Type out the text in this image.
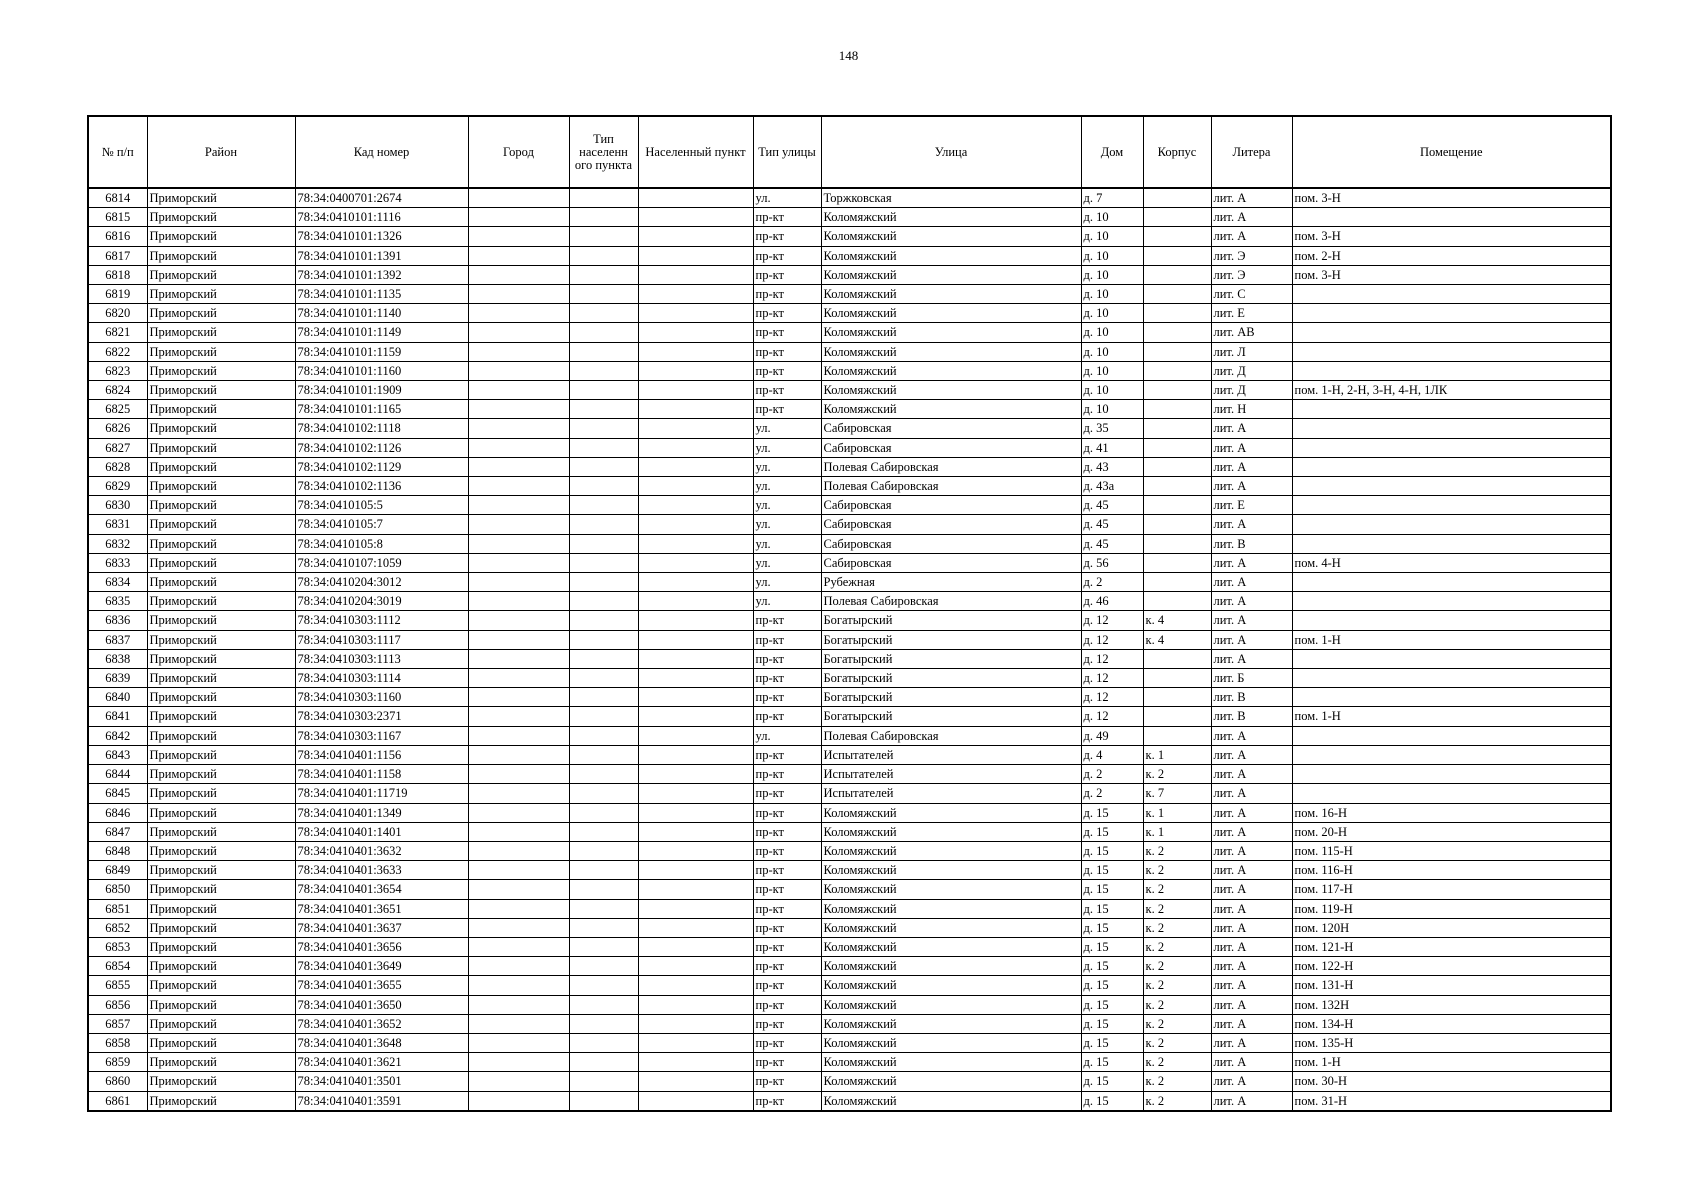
148
№ п/п	Район	Кад номер	Город	Тип населенн ого пункта	Населенный пункт	Тип улицы	Улица	Дом	Корпус	Литера	Помещение
6814	Приморский	78:34:0400701:2674				ул.	Торжковская	д. 7		лит. А	пом. 3-Н
6815	Приморский	78:34:0410101:1116				пр-кт	Коломяжский	д. 10		лит. А	
6816	Приморский	78:34:0410101:1326				пр-кт	Коломяжский	д. 10		лит. А	пом. 3-Н
6817	Приморский	78:34:0410101:1391				пр-кт	Коломяжский	д. 10		лит. Э	пом. 2-Н
6818	Приморский	78:34:0410101:1392				пр-кт	Коломяжский	д. 10		лит. Э	пом. 3-Н
6819	Приморский	78:34:0410101:1135				пр-кт	Коломяжский	д. 10		лит. С	
6820	Приморский	78:34:0410101:1140				пр-кт	Коломяжский	д. 10		лит. Е	
6821	Приморский	78:34:0410101:1149				пр-кт	Коломяжский	д. 10		лит. АВ	
6822	Приморский	78:34:0410101:1159				пр-кт	Коломяжский	д. 10		лит. Л	
6823	Приморский	78:34:0410101:1160				пр-кт	Коломяжский	д. 10		лит. Д	
6824	Приморский	78:34:0410101:1909				пр-кт	Коломяжский	д. 10		лит. Д	пом. 1-Н, 2-Н, 3-Н, 4-Н, 1ЛК
6825	Приморский	78:34:0410101:1165				пр-кт	Коломяжский	д. 10		лит. Н	
6826	Приморский	78:34:0410102:1118				ул.	Сабировская	д. 35		лит. А	
6827	Приморский	78:34:0410102:1126				ул.	Сабировская	д. 41		лит. А	
6828	Приморский	78:34:0410102:1129				ул.	Полевая Сабировская	д. 43		лит. А	
6829	Приморский	78:34:0410102:1136				ул.	Полевая Сабировская	д. 43а		лит. А	
6830	Приморский	78:34:0410105:5				ул.	Сабировская	д. 45		лит. Е	
6831	Приморский	78:34:0410105:7				ул.	Сабировская	д. 45		лит. А	
6832	Приморский	78:34:0410105:8				ул.	Сабировская	д. 45		лит. В	
6833	Приморский	78:34:0410107:1059				ул.	Сабировская	д. 56		лит. А	пом. 4-Н
6834	Приморский	78:34:0410204:3012				ул.	Рубежная	д. 2		лит. А	
6835	Приморский	78:34:0410204:3019				ул.	Полевая Сабировская	д. 46		лит. А	
6836	Приморский	78:34:0410303:1112				пр-кт	Богатырский	д. 12	к. 4	лит. А	
6837	Приморский	78:34:0410303:1117				пр-кт	Богатырский	д. 12	к. 4	лит. А	пом. 1-Н
6838	Приморский	78:34:0410303:1113				пр-кт	Богатырский	д. 12		лит. А	
6839	Приморский	78:34:0410303:1114				пр-кт	Богатырский	д. 12		лит. Б	
6840	Приморский	78:34:0410303:1160				пр-кт	Богатырский	д. 12		лит. В	
6841	Приморский	78:34:0410303:2371				пр-кт	Богатырский	д. 12		лит. В	пом. 1-Н
6842	Приморский	78:34:0410303:1167				ул.	Полевая Сабировская	д. 49		лит. А	
6843	Приморский	78:34:0410401:1156				пр-кт	Испытателей	д. 4	к. 1	лит. А	
6844	Приморский	78:34:0410401:1158				пр-кт	Испытателей	д. 2	к. 2	лит. А	
6845	Приморский	78:34:0410401:11719				пр-кт	Испытателей	д. 2	к. 7	лит. А	
6846	Приморский	78:34:0410401:1349				пр-кт	Коломяжский	д. 15	к. 1	лит. А	пом. 16-Н
6847	Приморский	78:34:0410401:1401				пр-кт	Коломяжский	д. 15	к. 1	лит. А	пом. 20-Н
6848	Приморский	78:34:0410401:3632				пр-кт	Коломяжский	д. 15	к. 2	лит. А	пом. 115-Н
6849	Приморский	78:34:0410401:3633				пр-кт	Коломяжский	д. 15	к. 2	лит. А	пом. 116-Н
6850	Приморский	78:34:0410401:3654				пр-кт	Коломяжский	д. 15	к. 2	лит. А	пом. 117-Н
6851	Приморский	78:34:0410401:3651				пр-кт	Коломяжский	д. 15	к. 2	лит. А	пом. 119-Н
6852	Приморский	78:34:0410401:3637				пр-кт	Коломяжский	д. 15	к. 2	лит. А	пом. 120Н
6853	Приморский	78:34:0410401:3656				пр-кт	Коломяжский	д. 15	к. 2	лит. А	пом. 121-Н
6854	Приморский	78:34:0410401:3649				пр-кт	Коломяжский	д. 15	к. 2	лит. А	пом. 122-Н
6855	Приморский	78:34:0410401:3655				пр-кт	Коломяжский	д. 15	к. 2	лит. А	пом. 131-Н
6856	Приморский	78:34:0410401:3650				пр-кт	Коломяжский	д. 15	к. 2	лит. А	пом. 132Н
6857	Приморский	78:34:0410401:3652				пр-кт	Коломяжский	д. 15	к. 2	лит. А	пом. 134-Н
6858	Приморский	78:34:0410401:3648				пр-кт	Коломяжский	д. 15	к. 2	лит. А	пом. 135-Н
6859	Приморский	78:34:0410401:3621				пр-кт	Коломяжский	д. 15	к. 2	лит. А	пом. 1-Н
6860	Приморский	78:34:0410401:3501				пр-кт	Коломяжский	д. 15	к. 2	лит. А	пом. 30-Н
6861	Приморский	78:34:0410401:3591				пр-кт	Коломяжский	д. 15	к. 2	лит. А	пом. 31-Н
